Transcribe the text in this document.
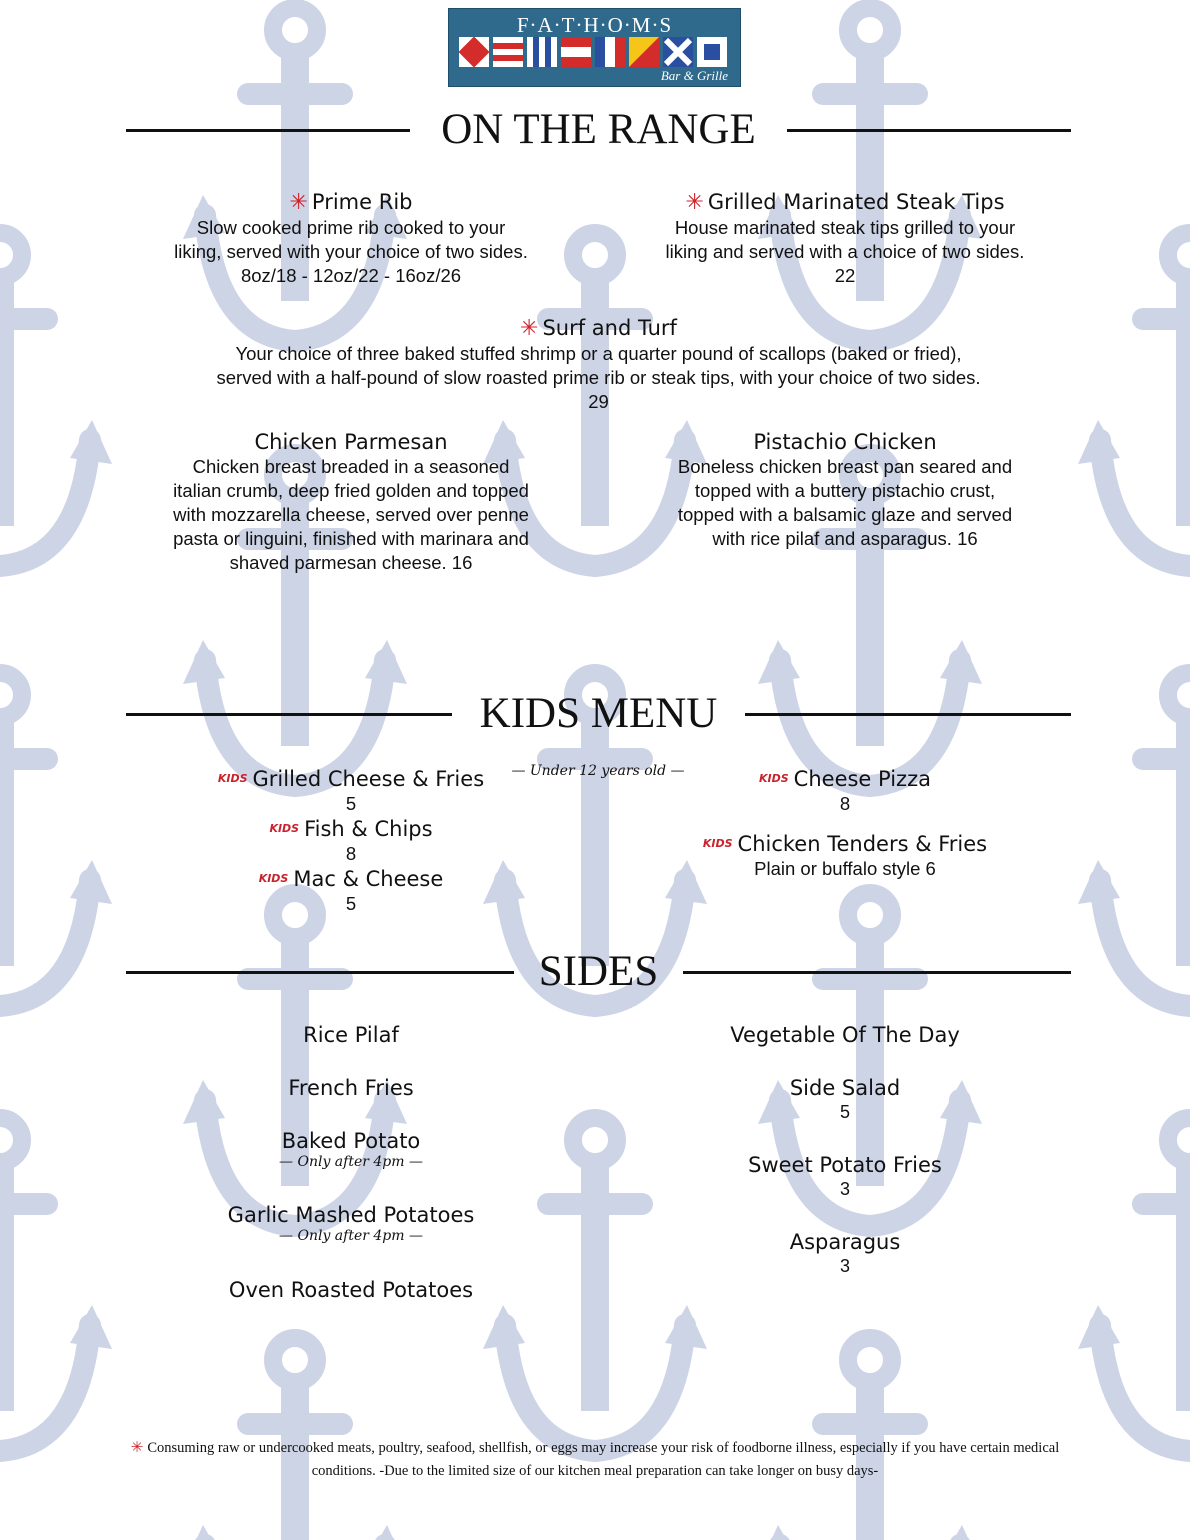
F·A·T·H·O·M·S
Bar & Grille
ON THE RANGE
✳ Prime Rib
Slow cooked prime rib cooked to your
liking, served with your choice of two sides.
8oz/18 - 12oz/22 - 16oz/26
✳ Grilled Marinated Steak Tips
House marinated steak tips grilled to your
liking and served with a choice of two sides.
22
✳ Surf and Turf
Your choice of three baked stuffed shrimp or a quarter pound of scallops (baked or fried),
served with a half-pound of slow roasted prime rib or steak tips, with your choice of two sides.
29
Chicken Parmesan
Chicken breast breaded in a seasoned
italian crumb, deep fried golden and topped
with mozzarella cheese, served over penne
pasta or linguini, finished with marinara and
shaved parmesan cheese. 16
Pistachio Chicken
Boneless chicken breast pan seared and
topped with a buttery pistachio crust,
topped with a balsamic glaze and served
with rice pilaf and asparagus. 16
KIDS MENU
— Under 12 years old —
KIDS Grilled Cheese & Fries
5
KIDS Fish & Chips
8
KIDS Mac & Cheese
5
KIDS Cheese Pizza
8
KIDS Chicken Tenders & Fries
Plain or buffalo style 6
SIDES
Rice Pilaf
French Fries
Baked Potato
— Only after 4pm —
Garlic Mashed Potatoes
— Only after 4pm —
Oven Roasted Potatoes
Vegetable Of The Day
Side Salad
5
Sweet Potato Fries
3
Asparagus
3
✳ Consuming raw or undercooked meats, poultry, seafood, shellfish, or eggs may increase your risk of foodborne illness, especially if you have certain medical
conditions. -Due to the limited size of our kitchen meal preparation can take longer on busy days-
